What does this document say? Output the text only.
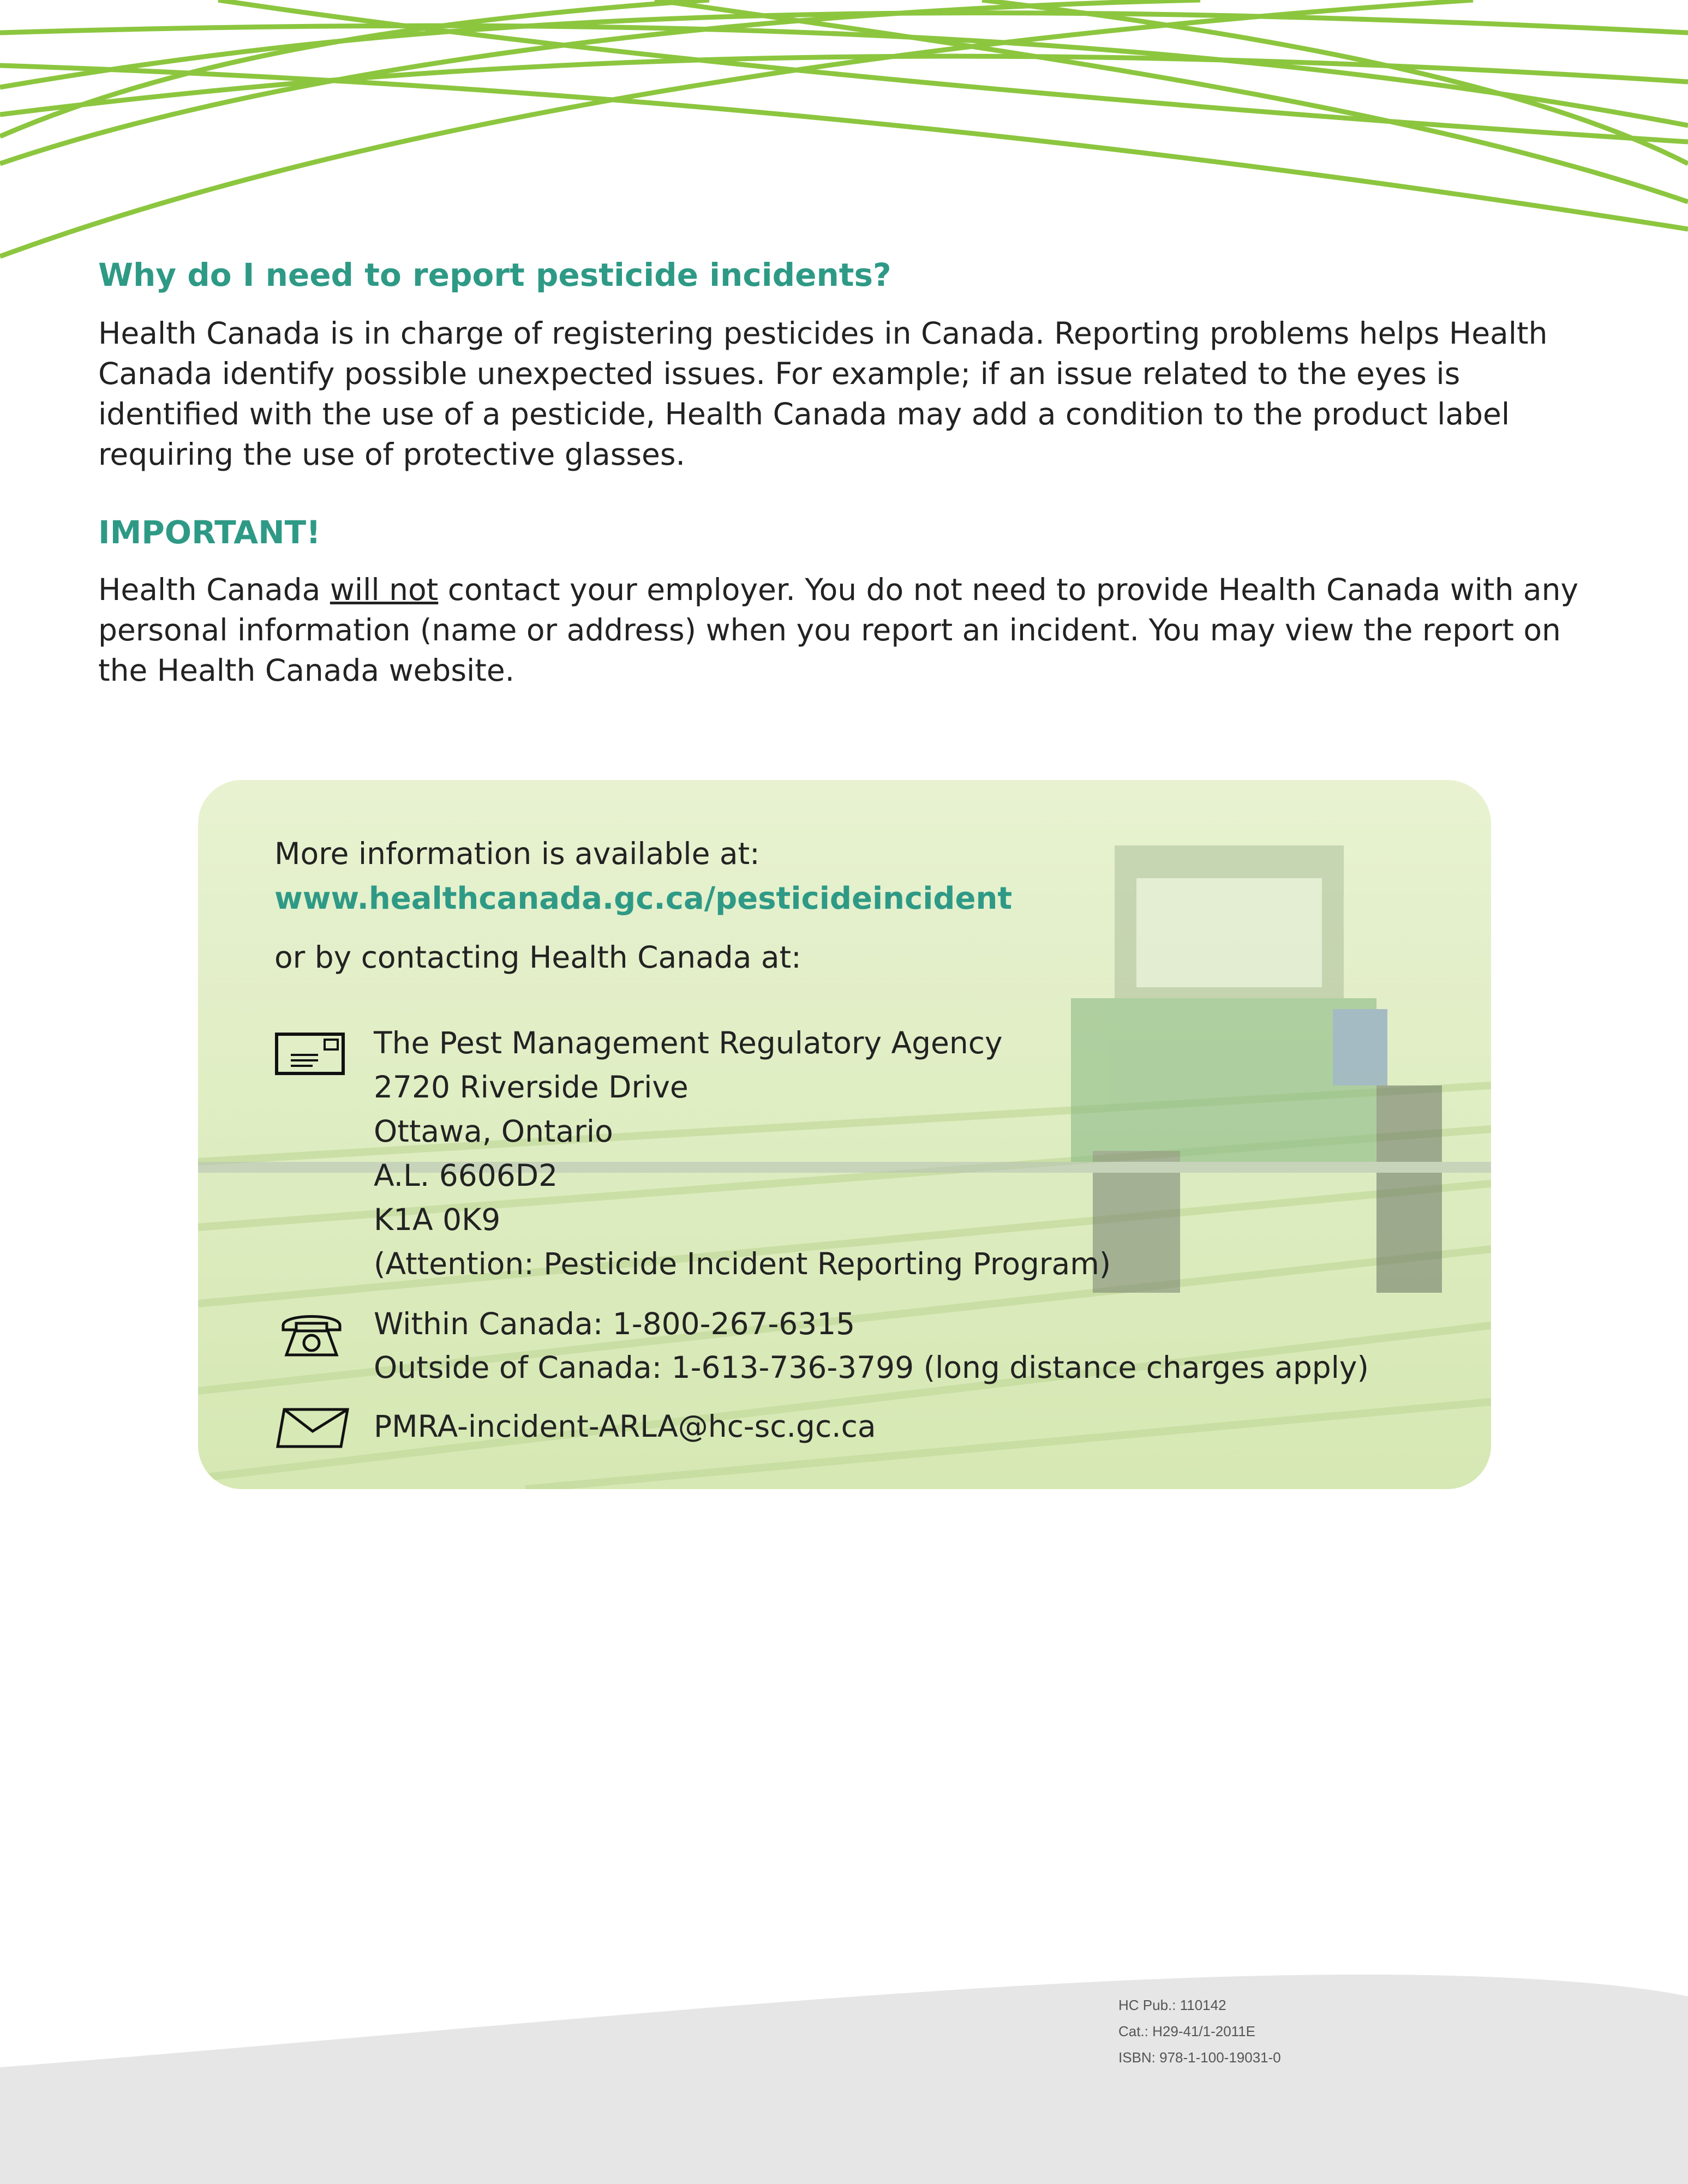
Why do I need to report pesticide incidents?

Health Canada is in charge of registering pesticides in Canada. Reporting problems helps Health Canada identify possible unexpected issues. For example; if an issue related to the eyes is identified with the use of a pesticide, Health Canada may add a condition to the product label requiring the use of protective glasses.

IMPORTANT!

Health Canada will not contact your employer. You do not need to provide Health Canada with any personal information (name or address) when you report an incident. You may view the report on the Health Canada website.

More information is available at:

www.healthcanada.gc.ca/pesticideincident

or by contacting Health Canada at:

The Pest Management Regulatory Agency
2720 Riverside Drive
Ottawa, Ontario
A.L. 6606D2
K1A 0K9
(Attention: Pesticide Incident Reporting Program)

Within Canada: 1-800-267-6315

Outside of Canada: 1-613-736-3799 (long distance charges apply)

PMRA-incident-ARLA@hc-sc.gc.ca
HC Pub.: 110142
Cat.: H29-41/1-2011E
ISBN: 978-1-100-19031-0
